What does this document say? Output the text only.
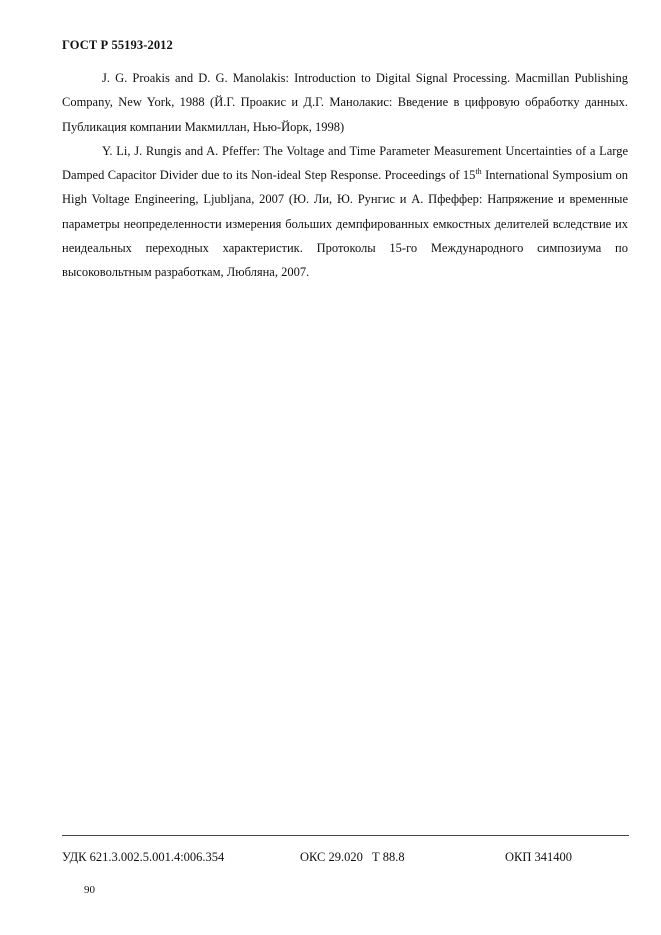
ГОСТ Р 55193-2012

J. G. Proakis and D. G. Manolakis: Introduction to Digital Signal Processing. Macmillan Publishing Company, New York, 1988 (Й.Г. Проакис и Д.Г. Манолакис: Введение в цифровую обработку данных. Публикация компании Макмиллан, Нью-Йорк, 1998)

Y. Li, J. Rungis and A. Pfeffer: The Voltage and Time Parameter Measurement Uncertainties of a Large Damped Capacitor Divider due to its Non-ideal Step Response. Proceedings of 15th International Symposium on High Voltage Engineering, Ljubljana, 2007 (Ю. Ли, Ю. Рунгис и А. Пфеффер: Напряжение и временные параметры неопределенности измерения больших демпфированных емкостных делителей вследствие их неидеальных переходных характеристик. Протоколы 15-го Международного симпозиума по высоковольтным разработкам, Любляна, 2007.

УДК 621.3.002.5.001.4:006.354	ОКС 29.020 Т 88.8	ОКП 341400
90
